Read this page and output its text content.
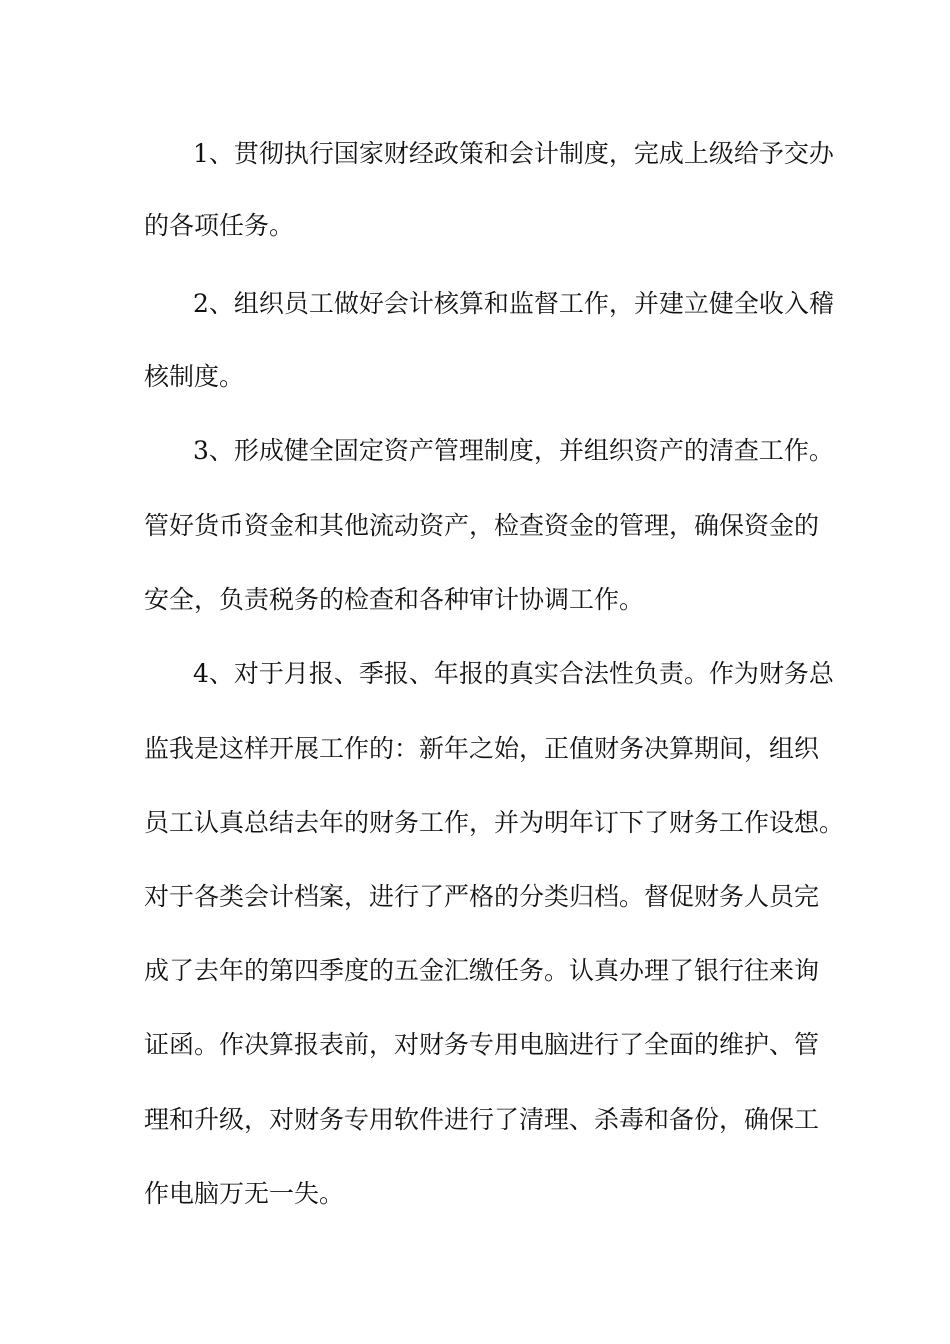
1、贯彻执行国家财经政策和会计制度，完成上级给予交办
的各项任务。
2、组织员工做好会计核算和监督工作，并建立健全收入稽
核制度。
3、形成健全固定资产管理制度，并组织资产的清查工作。
管好货币资金和其他流动资产，检查资金的管理，确保资金的
安全，负责税务的检查和各种审计协调工作。
4、对于月报、季报、年报的真实合法性负责。作为财务总
监我是这样开展工作的：新年之始，正值财务决算期间，组织
员工认真总结去年的财务工作，并为明年订下了财务工作设想。
对于各类会计档案，进行了严格的分类归档。督促财务人员完
成了去年的第四季度的五金汇缴任务。认真办理了银行往来询
证函。作决算报表前，对财务专用电脑进行了全面的维护、管
理和升级，对财务专用软件进行了清理、杀毒和备份，确保工
作电脑万无一失。
